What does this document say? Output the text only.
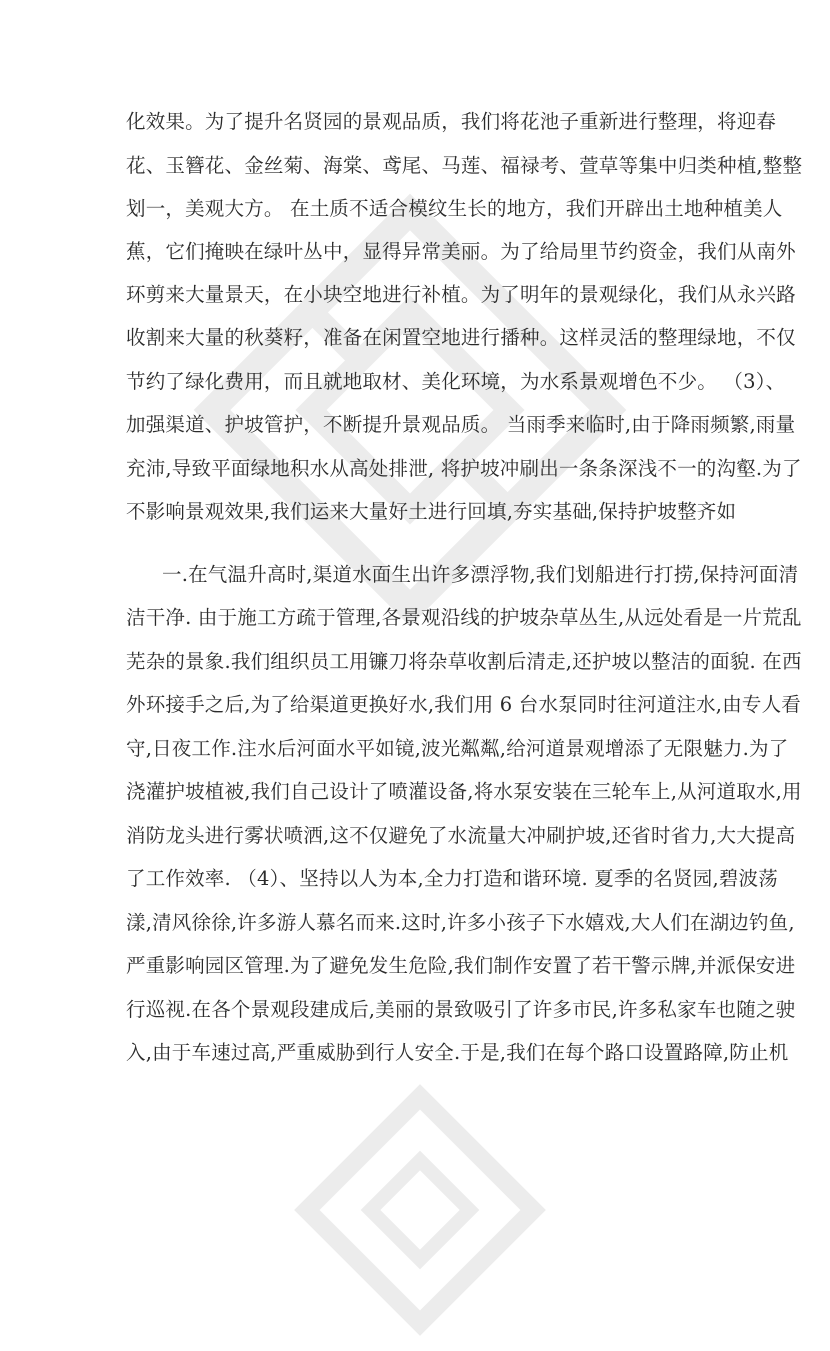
化效果。为了提升名贤园的景观品质，我们将花池子重新进行整理，将迎春
花、玉簪花、金丝菊、海棠、鸢尾、马莲、福禄考、萱草等集中归类种植,整整
划一，美观大方。 在土质不适合模纹生长的地方，我们开辟出土地种植美人
蕉，它们掩映在绿叶丛中，显得异常美丽。为了给局里节约资金，我们从南外
环剪来大量景天，在小块空地进行补植。为了明年的景观绿化，我们从永兴路
收割来大量的秋葵籽，准备在闲置空地进行播种。这样灵活的整理绿地，不仅
节约了绿化费用，而且就地取材、美化环境，为水系景观增色不少。 （3）、
加强渠道、护坡管护，不断提升景观品质。 当雨季来临时,由于降雨频繁,雨量
充沛,导致平面绿地积水从高处排泄, 将护坡冲刷出一条条深浅不一的沟壑.为了
不影响景观效果,我们运来大量好土进行回填,夯实基础,保持护坡整齐如
一.在气温升高时,渠道水面生出许多漂浮物,我们划船进行打捞,保持河面清
洁干净. 由于施工方疏于管理,各景观沿线的护坡杂草丛生,从远处看是一片荒乱
芜杂的景象.我们组织员工用镰刀将杂草收割后清走,还护坡以整洁的面貌. 在西
外环接手之后,为了给渠道更换好水,我们用 6 台水泵同时往河道注水,由专人看
守,日夜工作.注水后河面水平如镜,波光粼粼,给河道景观增添了无限魅力.为了
浇灌护坡植被,我们自己设计了喷灌设备,将水泵安装在三轮车上,从河道取水,用
消防龙头进行雾状喷洒,这不仅避免了水流量大冲刷护坡,还省时省力,大大提高
了工作效率. （4）、坚持以人为本,全力打造和谐环境. 夏季的名贤园,碧波荡
漾,清风徐徐,许多游人慕名而来.这时,许多小孩子下水嬉戏,大人们在湖边钓鱼,
严重影响园区管理.为了避免发生危险,我们制作安置了若干警示牌,并派保安进
行巡视.在各个景观段建成后,美丽的景致吸引了许多市民,许多私家车也随之驶
入,由于车速过高,严重威胁到行人安全.于是,我们在每个路口设置路障,防止机
